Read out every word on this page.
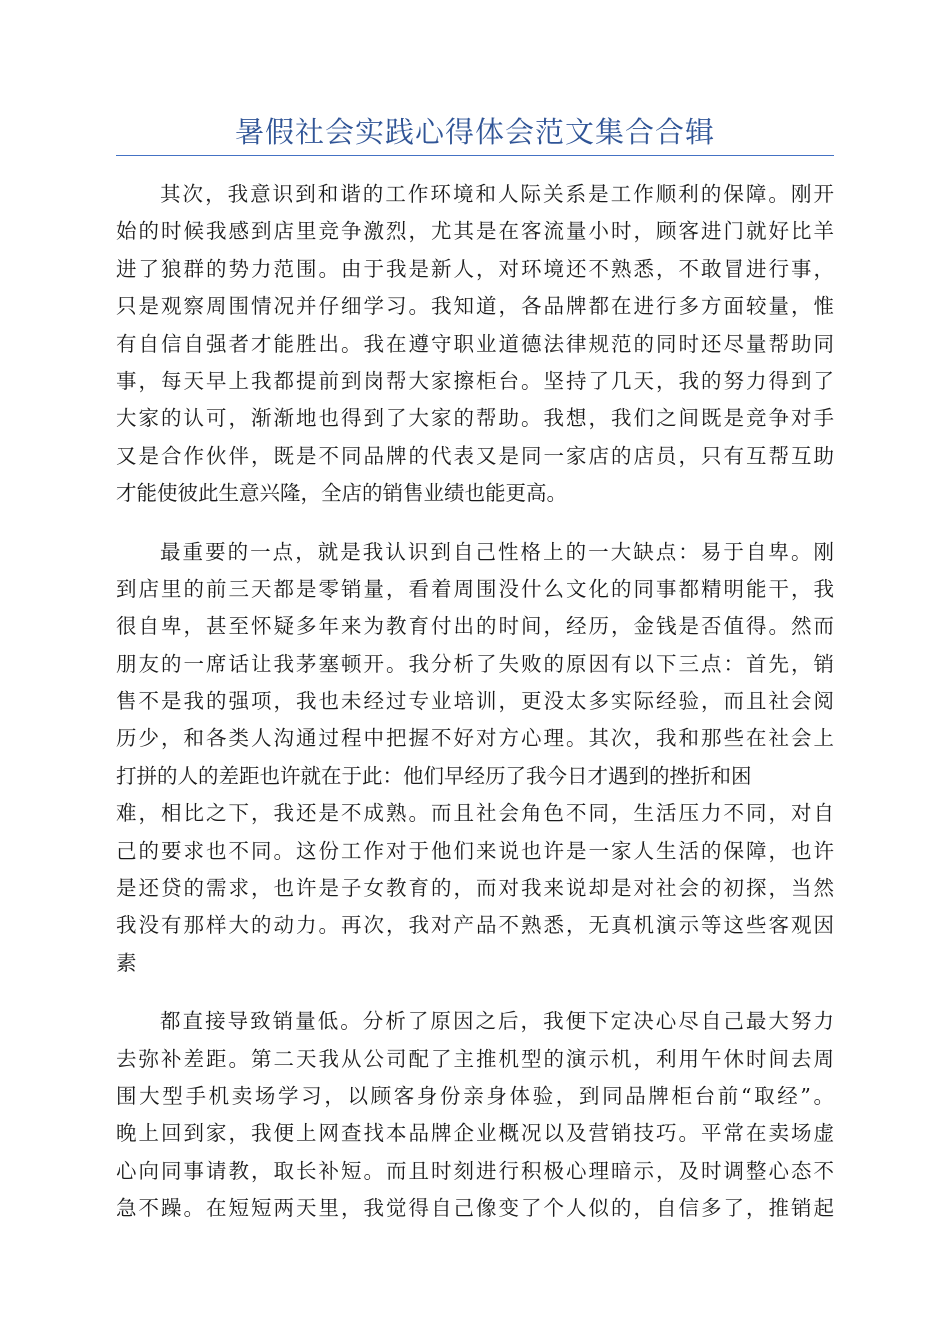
暑假社会实践心得体会范文集合合辑
其次，我意识到和谐的工作环境和人际关系是工作顺利的保障。刚开
始的时候我感到店里竞争激烈，尤其是在客流量小时，顾客进门就好比羊
进了狼群的势力范围。由于我是新人，对环境还不熟悉，不敢冒进行事，
只是观察周围情况并仔细学习。我知道，各品牌都在进行多方面较量，惟
有自信自强者才能胜出。我在遵守职业道德法律规范的同时还尽量帮助同
事，每天早上我都提前到岗帮大家擦柜台。坚持了几天，我的努力得到了
大家的认可，渐渐地也得到了大家的帮助。我想，我们之间既是竞争对手
又是合作伙伴，既是不同品牌的代表又是同一家店的店员，只有互帮互助
才能使彼此生意兴隆，全店的销售业绩也能更高。
最重要的一点，就是我认识到自己性格上的一大缺点：易于自卑。刚
到店里的前三天都是零销量，看着周围没什么文化的同事都精明能干，我
很自卑，甚至怀疑多年来为教育付出的时间，经历，金钱是否值得。然而
朋友的一席话让我茅塞顿开。我分析了失败的原因有以下三点：首先，销
售不是我的强项，我也未经过专业培训，更没太多实际经验，而且社会阅
历少，和各类人沟通过程中把握不好对方心理。其次，我和那些在社会上
打拼的人的差距也许就在于此：他们早经历了我今日才遇到的挫折和困
难，相比之下，我还是不成熟。而且社会角色不同，生活压力不同，对自
己的要求也不同。这份工作对于他们来说也许是一家人生活的保障，也许
是还贷的需求，也许是子女教育的，而对我来说却是对社会的初探，当然
我没有那样大的动力。再次，我对产品不熟悉，无真机演示等这些客观因
素
都直接导致销量低。分析了原因之后，我便下定决心尽自己最大努力
去弥补差距。第二天我从公司配了主推机型的演示机，利用午休时间去周
围大型手机卖场学习，以顾客身份亲身体验，到同品牌柜台前“取经”。
晚上回到家，我便上网查找本品牌企业概况以及营销技巧。平常在卖场虚
心向同事请教，取长补短。而且时刻进行积极心理暗示，及时调整心态不
急不躁。在短短两天里，我觉得自己像变了个人似的，自信多了，推销起
